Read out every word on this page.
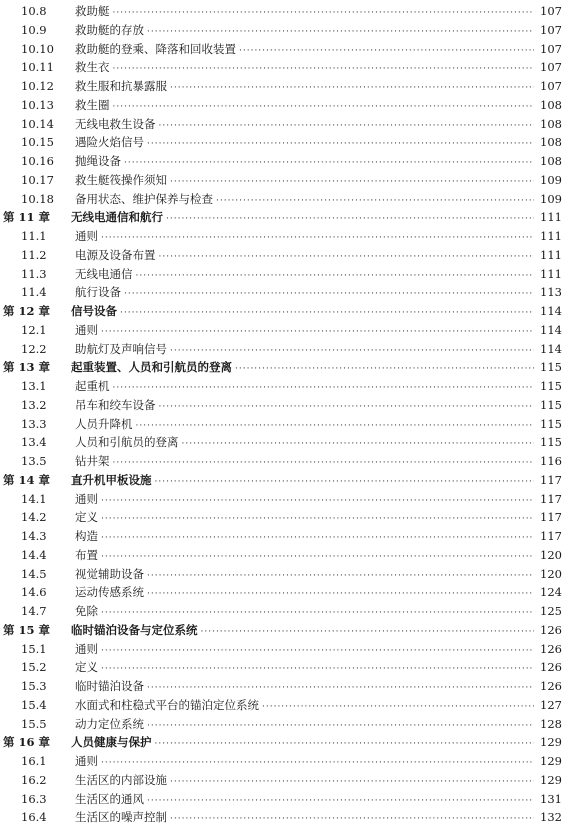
10.8	救助艇 ·····	107
10.9	救助艇的存放 ·····	107
10.10	救助艇的登乘、降落和回收装置 ·····	107
10.11	救生衣 ·····	107
10.12	救生服和抗暴露服 ·····	107
10.13	救生圈 ·····	108
10.14	无线电救生设备 ·····	108
10.15	遇险火焰信号 ·····	108
10.16	抛绳设备 ·····	108
10.17	救生艇筏操作须知 ·····	109
10.18	备用状态、维护保养与检查 ·····	109
第 11 章	无线电通信和航行 ·····	111
11.1	通则 ·····	111
11.2	电源及设备布置 ·····	111
11.3	无线电通信 ·····	111
11.4	航行设备 ·····	113
第 12 章	信号设备 ·····	114
12.1	通则 ·····	114
12.2	助航灯及声响信号 ·····	114
第 13 章	起重装置、人员和引航员的登离 ·····	115
13.1	起重机 ·····	115
13.2	吊车和绞车设备 ·····	115
13.3	人员升降机 ·····	115
13.4	人员和引航员的登离 ·····	115
13.5	钻井架 ·····	116
第 14 章	直升机甲板设施 ·····	117
14.1	通则 ·····	117
14.2	定义 ·····	117
14.3	构造 ·····	117
14.4	布置 ·····	120
14.5	视觉辅助设备 ·····	120
14.6	运动传感系统 ·····	124
14.7	免除 ·····	125
第 15 章	临时锚泊设备与定位系统 ·····	126
15.1	通则 ·····	126
15.2	定义 ·····	126
15.3	临时锚泊设备 ·····	126
15.4	水面式和柱稳式平台的锚泊定位系统 ·····	127
15.5	动力定位系统 ·····	128
第 16 章	人员健康与保护 ·····	129
16.1	通则 ·····	129
16.2	生活区的内部设施 ·····	129
16.3	生活区的通风 ·····	131
16.4	生活区的噪声控制 ·····	132
